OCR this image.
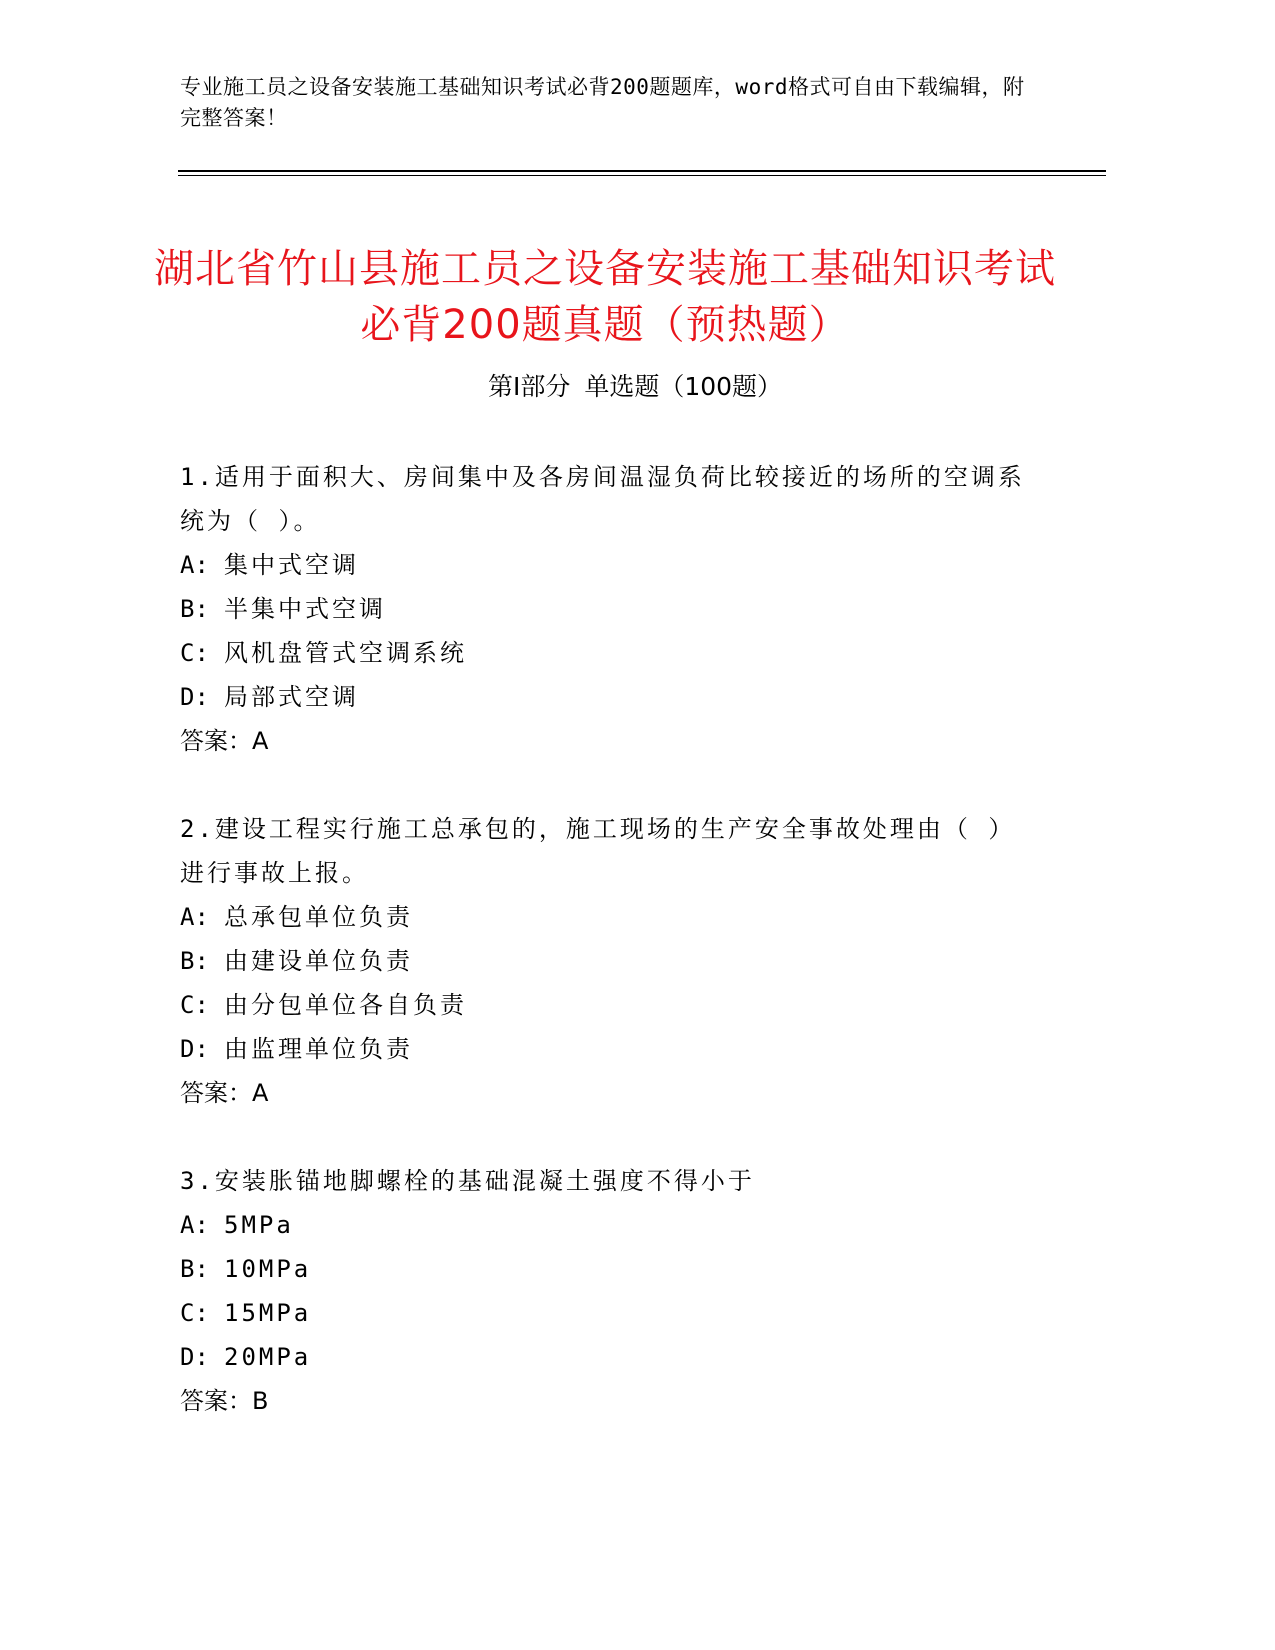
专业施工员之设备安装施工基础知识考试必背200题题库，word格式可自由下载编辑，附完整答案！
湖北省竹山县施工员之设备安装施工基础知识考试必背200题真题（预热题）
第Ⅰ部分 单选题（100题）

1.适用于面积大、房间集中及各房间温湿负荷比较接近的场所的空调系统为（ ）。

A: 集中式空调

B: 半集中式空调

C: 风机盘管式空调系统

D: 局部式空调

答案：A

2.建设工程实行施工总承包的，施工现场的生产安全事故处理由（ ）进行事故上报。

A: 总承包单位负责

B: 由建设单位负责

C: 由分包单位各自负责

D: 由监理单位负责

答案：A

3.安装胀锚地脚螺栓的基础混凝土强度不得小于

A: 5MPa

B: 10MPa

C: 15MPa

D: 20MPa

答案：B
